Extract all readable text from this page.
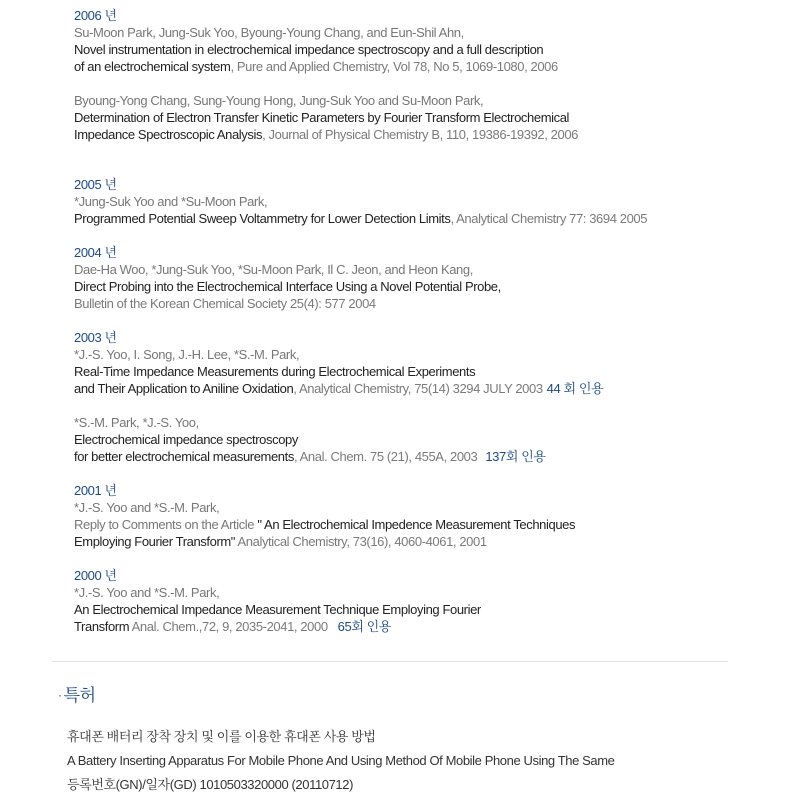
2006 년
Su-Moon Park, Jung-Suk Yoo, Byoung-Young Chang, and Eun-Shil Ahn,
Novel instrumentation in electrochemical impedance spectroscopy and a full description
of an electrochemical system, Pure and Applied Chemistry, Vol 78, No 5, 1069-1080, 2006
Byoung-Yong Chang, Sung-Young Hong, Jung-Suk Yoo and Su-Moon Park,
Determination of Electron Transfer Kinetic Parameters by Fourier Transform Electrochemical
Impedance Spectroscopic Analysis, Journal of Physical Chemistry B, 110, 19386-19392, 2006
2005 년
*Jung-Suk Yoo and *Su-Moon Park,
Programmed Potential Sweep Voltammetry for Lower Detection Limits, Analytical Chemistry 77: 3694 2005
2004 년
Dae-Ha Woo, *Jung-Suk Yoo, *Su-Moon Park, Il C. Jeon, and Heon Kang,
Direct Probing into the Electrochemical Interface Using a Novel Potential Probe,
Bulletin of the Korean Chemical Society 25(4): 577 2004
2003 년
*J.-S. Yoo, I. Song, J.-H. Lee, *S.-M. Park,
Real-Time Impedance Measurements during Electrochemical Experiments
and Their Application to Aniline Oxidation, Analytical Chemistry, 75(14) 3294 JULY 2003 44 회 인용
*S.-M. Park, *J.-S. Yoo,
Electrochemical impedance spectroscopy
for better electrochemical measurements, Anal. Chem. 75 (21), 455A, 2003 137회 인용
2001 년
*J.-S. Yoo and *S.-M. Park,
Reply to Comments on the Article " An Electrochemical Impedence Measurement Techniques
Employing Fourier Transform" Analytical Chemistry, 73(16), 4060-4061, 2001
2000 년
*J.-S. Yoo and *S.-M. Park,
An Electrochemical Impedance Measurement Technique Employing Fourier
Transform Anal. Chem.,72, 9, 2035-2041, 2000 65회 인용
· 특허
휴대폰 배터리 장착 장치 및 이를 이용한 휴대폰 사용 방법
A Battery Inserting Apparatus For Mobile Phone And Using Method Of Mobile Phone Using The Same
등록번호(GN)/일자(GD) 1010503320000 (20110712)
